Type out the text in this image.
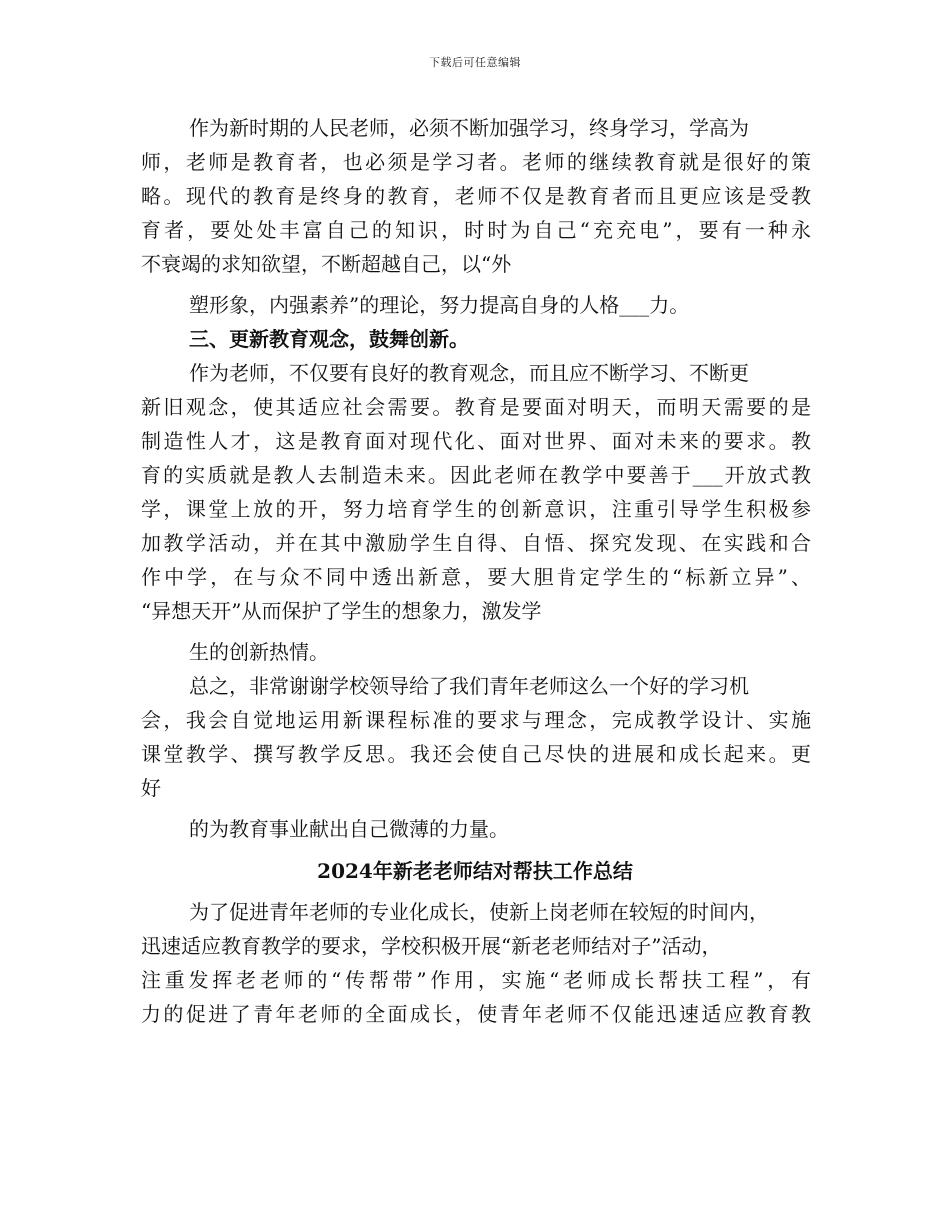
下载后可任意编辑
作为新时期的人民老师，必须不断加强学习，终身学习，学高为
师，老师是教育者，也必须是学习者。老师的继续教育就是很好的策
略。现代的教育是终身的教育，老师不仅是教育者而且更应该是受教
育者，要处处丰富自己的知识，时时为自己“充充电”，要有一种永
不衰竭的求知欲望，不断超越自己，以“外
塑形象，内强素养”的理论，努力提高自身的人格___力。
三、更新教育观念，鼓舞创新。
作为老师，不仅要有良好的教育观念，而且应不断学习、不断更
新旧观念，使其适应社会需要。教育是要面对明天，而明天需要的是
制造性人才，这是教育面对现代化、面对世界、面对未来的要求。教
育的实质就是教人去制造未来。因此老师在教学中要善于___开放式教
学，课堂上放的开，努力培育学生的创新意识，注重引导学生积极参
加教学活动，并在其中激励学生自得、自悟、探究发现、在实践和合
作中学，在与众不同中透出新意，要大胆肯定学生的“标新立异”、
“异想天开”从而保护了学生的想象力，激发学
生的创新热情。
总之，非常谢谢学校领导给了我们青年老师这么一个好的学习机
会，我会自觉地运用新课程标准的要求与理念，完成教学设计、实施
课堂教学、撰写教学反思。我还会使自己尽快的进展和成长起来。更
好
的为教育事业献出自己微薄的力量。
2024年新老老师结对帮扶工作总结
为了促进青年老师的专业化成长，使新上岗老师在较短的时间内，
迅速适应教育教学的要求，学校积极开展“新老老师结对子”活动，
注重发挥老老师的“传帮带”作用，实施“老师成长帮扶工程”，有
力的促进了青年老师的全面成长，使青年老师不仅能迅速适应教育教
